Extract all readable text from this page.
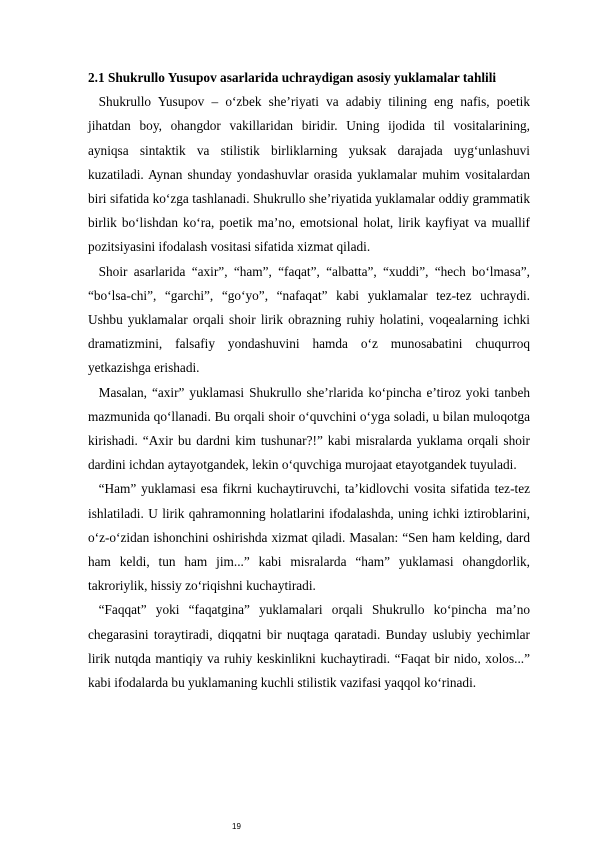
2.1 Shukrullo Yusupov asarlarida uchraydigan asosiy yuklamalar tahlili

Shukrullo Yusupov – o‘zbek she’riyati va adabiy tilining eng nafis, poetik jihatdan boy, ohangdor vakillaridan biridir. Uning ijodida til vositalarining, ayniqsa sintaktik va stilistik birliklarning yuksak darajada uyg‘unlashuvi kuzatiladi. Aynan shunday yondashuvlar orasida yuklamalar muhim vositalardan biri sifatida ko‘zga tashlanadi. Shukrullo she’riyatida yuklamalar oddiy grammatik birlik bo‘lishdan ko‘ra, poetik ma’no, emotsional holat, lirik kayfiyat va muallif pozitsiyasini ifodalash vositasi sifatida xizmat qiladi.

Shoir asarlarida “axir”, “ham”, “faqat”, “albatta”, “xuddi”, “hech bo‘lmasa”, “bo‘lsa-chi”, “garchi”, “go‘yo”, “nafaqat” kabi yuklamalar tez-tez uchraydi. Ushbu yuklamalar orqali shoir lirik obrazning ruhiy holatini, voqealarning ichki dramatizmini, falsafiy yondashuvini hamda o‘z munosabatini chuqurroq yetkazishga erishadi.

Masalan, “axir” yuklamasi Shukrullo she’rlarida ko‘pincha e’tiroz yoki tanbeh mazmunida qo‘llanadi. Bu orqali shoir o‘quvchini o‘yga soladi, u bilan muloqotga kirishadi. “Axir bu dardni kim tushunar?!” kabi misralarda yuklama orqali shoir dardini ichdan aytayotgandek, lekin o‘quvchiga murojaat etayotgandek tuyuladi.

“Ham” yuklamasi esa fikrni kuchaytiruvchi, ta’kidlovchi vosita sifatida tez-tez ishlatiladi. U lirik qahramonning holatlarini ifodalashda, uning ichki iztiroblarini, o‘z-o‘zidan ishonchini oshirishda xizmat qiladi. Masalan: “Sen ham kelding, dard ham keldi, tun ham jim...” kabi misralarda “ham” yuklamasi ohangdorlik, takroriylik, hissiy zo‘riqishni kuchaytiradi.

“Faqqat” yoki “faqatgina” yuklamalari orqali Shukrullo ko‘pincha ma’no chegarasini toraytiradi, diqqatni bir nuqtaga qaratadi. Bunday uslubiy yechimlar lirik nutqda mantiqiy va ruhiy keskinlikni kuchaytiradi. “Faqat bir nido, xolos...” kabi ifodalarda bu yuklamaning kuchli stilistik vazifasi yaqqol ko‘rinadi.

19
